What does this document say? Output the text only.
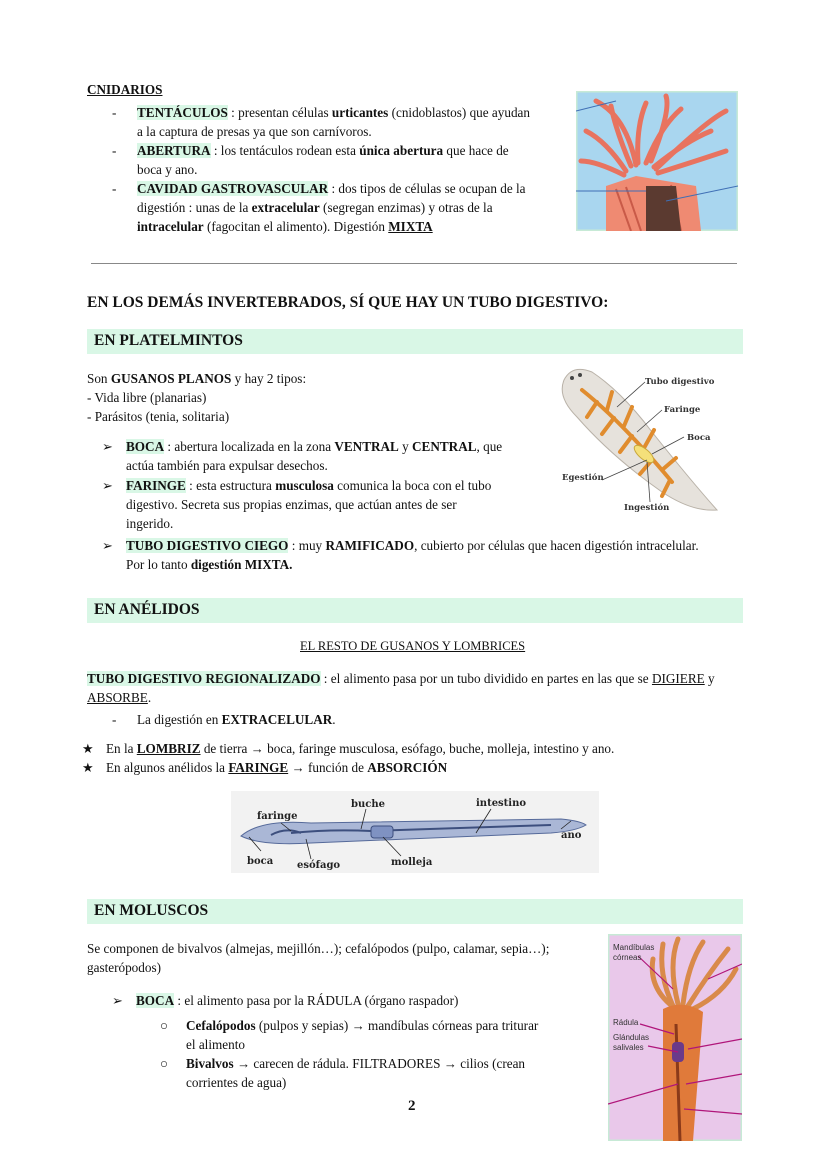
CNIDARIOS
- TENTÁCULOS : presentan células urticantes (cnidoblastos) que ayudan
a la captura de presas ya que son carnívoros.
- ABERTURA : los tentáculos rodean esta única abertura que hace de
boca y ano.
- CAVIDAD GASTROVASCULAR : dos tipos de células se ocupan de la
digestión : unas de la extracelular (segregan enzimas) y otras de la
intracelular (fagocitan el alimento). Digestión MIXTA
EN LOS DEMÁS INVERTEBRADOS, SÍ QUE HAY UN TUBO DIGESTIVO:
EN PLATELMINTOS
Son GUSANOS PLANOS y hay 2 tipos:
- Vida libre (planarias)
- Parásitos (tenia, solitaria)
➢ BOCA : abertura localizada en la zona VENTRAL y CENTRAL, que
actúa también para expulsar desechos.
➢ FARINGE : esta estructura musculosa comunica la boca con el tubo
digestivo. Secreta sus propias enzimas, que actúan antes de ser
ingerido.
➢ TUBO DIGESTIVO CIEGO : muy RAMIFICADO, cubierto por células que hacen digestión intracelular.
Por lo tanto digestión MIXTA.
Tubo digestivo
Faringe
Boca
Egestión
Ingestión
EN ANÉLIDOS
EL RESTO DE GUSANOS Y LOMBRICES
TUBO DIGESTIVO REGIONALIZADO : el alimento pasa por un tubo dividido en partes en las que se DIGIERE y
ABSORBE.
- La digestión en EXTRACELULAR.
★ En la LOMBRIZ de tierra → boca, faringe musculosa, esófago, buche, molleja, intestino y ano.
★ En algunos anélidos la FARINGE → función de ABSORCIÓN
faringe
buche	intestino
ano
boca esófago	molleja
EN MOLUSCOS
Se componen de bivalvos (almejas, mejillón…); cefalópodos (pulpo, calamar, sepia…);
gasterópodos)
➢ BOCA : el alimento pasa por la RÁDULA (órgano raspador)
○ Cefalópodos (pulpos y sepias) → mandíbulas córneas para triturar
el alimento
○ Bivalvos → carecen de rádula. FILTRADORES → cilios (crean
corrientes de agua)
Mandíbulas
córneas
Rádula
Glándulas
salivales
2
